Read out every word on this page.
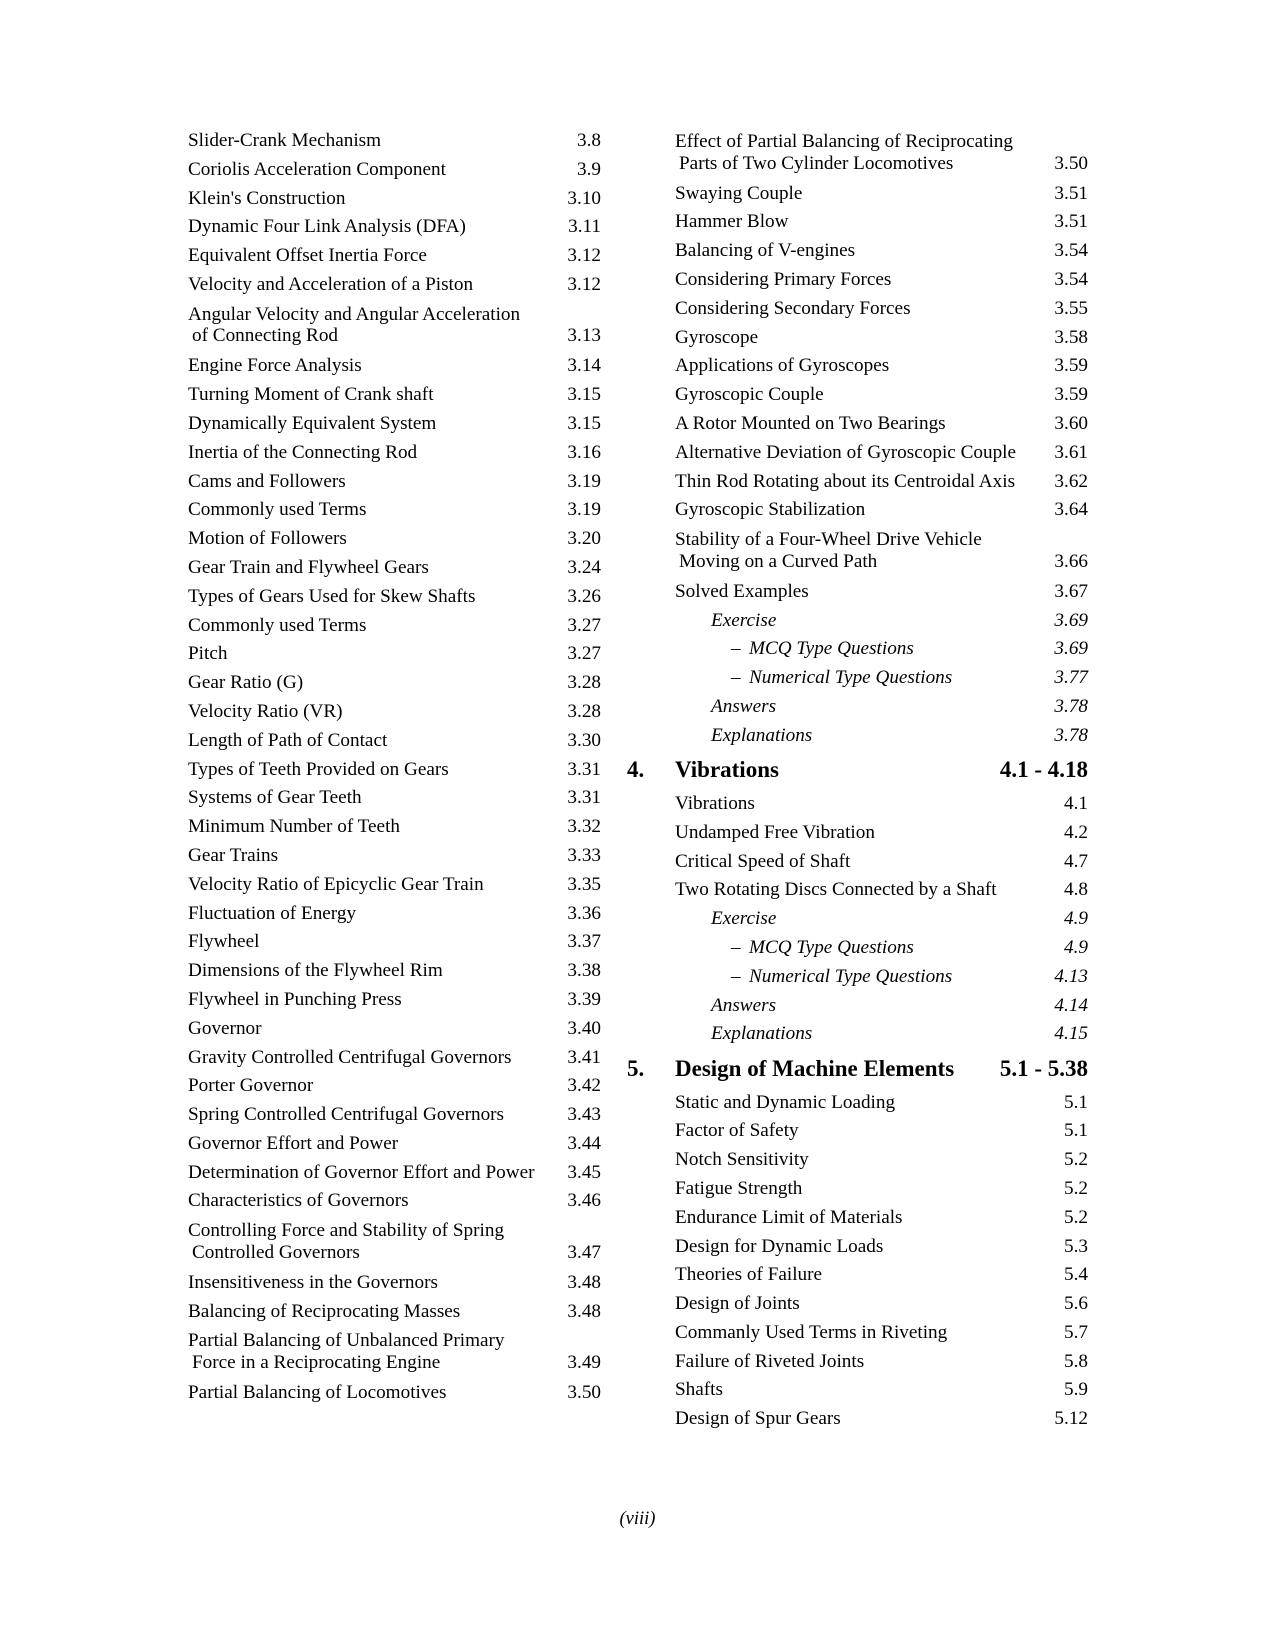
Slider-Crank Mechanism	3.8
Coriolis Acceleration Component	3.9
Klein's Construction	3.10
Dynamic Four Link Analysis (DFA)	3.11
Equivalent Offset Inertia Force	3.12
Velocity and Acceleration of a Piston	3.12
Angular Velocity and Angular Acceleration
of Connecting Rod	3.13
Engine Force Analysis	3.14
Turning Moment of Crank shaft	3.15
Dynamically Equivalent System	3.15
Inertia of the Connecting Rod	3.16
Cams and Followers	3.19
Commonly used Terms	3.19
Motion of Followers	3.20
Gear Train and Flywheel Gears	3.24
Types of Gears Used for Skew Shafts	3.26
Commonly used Terms	3.27
Pitch	3.27
Gear Ratio (G)	3.28
Velocity Ratio (VR)	3.28
Length of Path of Contact	3.30
Types of Teeth Provided on Gears	3.31
Systems of Gear Teeth	3.31
Minimum Number of Teeth	3.32
Gear Trains	3.33
Velocity Ratio of Epicyclic Gear Train	3.35
Fluctuation of Energy	3.36
Flywheel	3.37
Dimensions of the Flywheel Rim	3.38
Flywheel in Punching Press	3.39
Governor	3.40
Gravity Controlled Centrifugal Governors	3.41
Porter Governor	3.42
Spring Controlled Centrifugal Governors	3.43
Governor Effort and Power	3.44
Determination of Governor Effort and Power	3.45
Characteristics of Governors	3.46
Controlling Force and Stability of Spring
Controlled Governors	3.47
Insensitiveness in the Governors	3.48
Balancing of Reciprocating Masses	3.48
Partial Balancing of Unbalanced Primary
Force in a Reciprocating Engine	3.49
Partial Balancing of Locomotives	3.50
Effect of Partial Balancing of Reciprocating
Parts of Two Cylinder Locomotives	3.50
Swaying Couple	3.51
Hammer Blow	3.51
Balancing of V-engines	3.54
Considering Primary Forces	3.54
Considering Secondary Forces	3.55
Gyroscope	3.58
Applications of Gyroscopes	3.59
Gyroscopic Couple	3.59
A Rotor Mounted on Two Bearings	3.60
Alternative Deviation of Gyroscopic Couple	3.61
Thin Rod Rotating about its Centroidal Axis	3.62
Gyroscopic Stabilization	3.64
Stability of a Four-Wheel Drive Vehicle
Moving on a Curved Path	3.66
Solved Examples	3.67
Exercise	3.69
– MCQ Type Questions	3.69
– Numerical Type Questions	3.77
Answers	3.78
Explanations	3.78
4.	Vibrations	4.1 - 4.18
Vibrations	4.1
Undamped Free Vibration	4.2
Critical Speed of Shaft	4.7
Two Rotating Discs Connected by a Shaft	4.8
Exercise	4.9
– MCQ Type Questions	4.9
– Numerical Type Questions	4.13
Answers	4.14
Explanations	4.15
5.	Design of Machine Elements	5.1 - 5.38
Static and Dynamic Loading	5.1
Factor of Safety	5.1
Notch Sensitivity	5.2
Fatigue Strength	5.2
Endurance Limit of Materials	5.2
Design for Dynamic Loads	5.3
Theories of Failure	5.4
Design of Joints	5.6
Commanly Used Terms in Riveting	5.7
Failure of Riveted Joints	5.8
Shafts	5.9
Design of Spur Gears	5.12
(viii)
